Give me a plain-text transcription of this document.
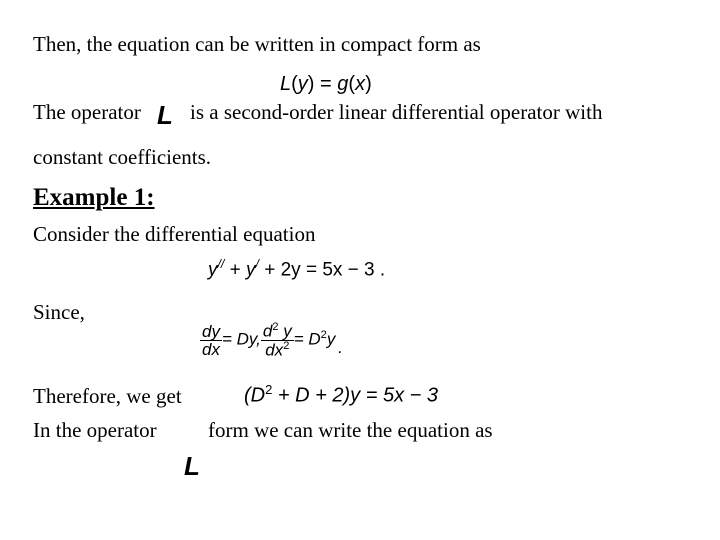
Then, the equation can be written in compact form as
L(y) = g(x)
The operator L is a second-order linear differential operator with
constant coefficients.
Example 1:
Consider the differential equation
y// + y/ + 2y = 5x − 3 .
Since,
$\frac{dy}{dx} = Dy$, $\frac{d^2 y}{dx^2} = D^2y$ .
Therefore, we get	$(D^2 + D + 2)y = 5x - 3$
In the operator form we can write the equation as
L
